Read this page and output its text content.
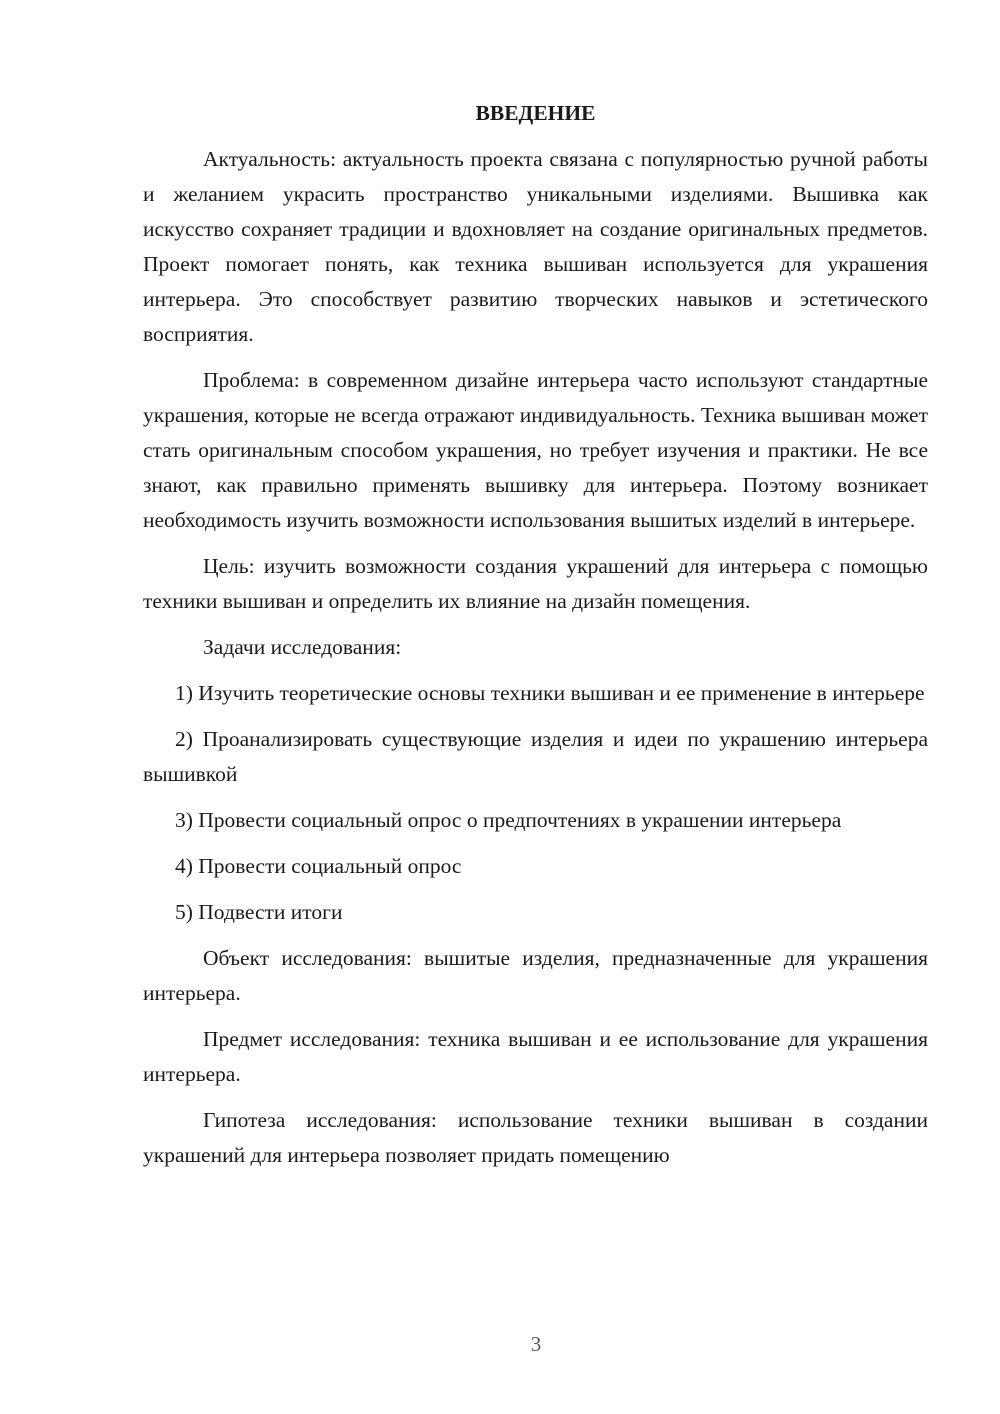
ВВЕДЕНИЕ

Актуальность: актуальность проекта связана с популярностью ручной работы и желанием украсить пространство уникальными изделиями. Вышивка как искусство сохраняет традиции и вдохновляет на создание оригинальных предметов. Проект помогает понять, как техника вышиван используется для украшения интерьера. Это способствует развитию творческих навыков и эстетического восприятия.

Проблема: в современном дизайне интерьера часто используют стандартные украшения, которые не всегда отражают индивидуальность. Техника вышиван может стать оригинальным способом украшения, но требует изучения и практики. Не все знают, как правильно применять вышивку для интерьера. Поэтому возникает необходимость изучить возможности использования вышитых изделий в интерьере.

Цель: изучить возможности создания украшений для интерьера с помощью техники вышиван и определить их влияние на дизайн помещения.

Задачи исследования:

1) Изучить теоретические основы техники вышиван и ее применение в интерьере

2) Проанализировать существующие изделия и идеи по украшению интерьера вышивкой

3) Провести социальный опрос о предпочтениях в украшении интерьера

4) Провести социальный опрос

5) Подвести итоги

Объект исследования: вышитые изделия, предназначенные для украшения интерьера.

Предмет исследования: техника вышиван и ее использование для украшения интерьера.

Гипотеза исследования: использование техники вышиван в создании украшений для интерьера позволяет придать помещению

3
